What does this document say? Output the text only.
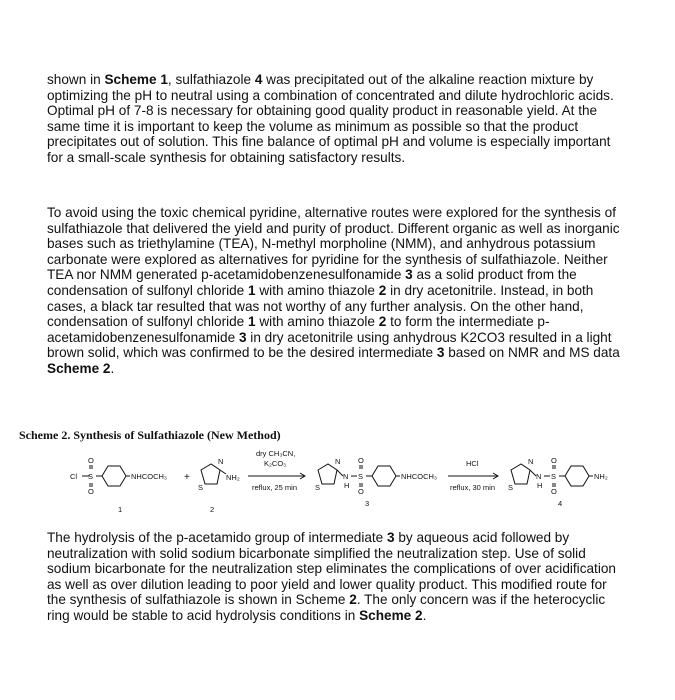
shown in Scheme 1, sulfathiazole 4 was precipitated out of the alkaline reaction mixture by optimizing the pH to neutral using a combination of concentrated and dilute hydrochloric acids. Optimal pH of 7-8 is necessary for obtaining good quality product in reasonable yield. At the same time it is important to keep the volume as minimum as possible so that the product precipitates out of solution. This fine balance of optimal pH and volume is especially important for a small-scale synthesis for obtaining satisfactory results.

To avoid using the toxic chemical pyridine, alternative routes were explored for the synthesis of sulfathiazole that delivered the yield and purity of product. Different organic as well as inorganic bases such as triethylamine (TEA), N-methyl morpholine (NMM), and anhydrous potassium carbonate were explored as alternatives for pyridine for the synthesis of sulfathiazole. Neither TEA nor NMM generated p-acetamidobenzenesulfonamide 3 as a solid product from the condensation of sulfonyl chloride 1 with amino thiazole 2 in dry acetonitrile. Instead, in both cases, a black tar resulted that was not worthy of any further analysis. On the other hand, condensation of sulfonyl chloride 1 with amino thiazole 2 to form the intermediate p-acetamidobenzenesulfonamide 3 in dry acetonitrile using anhydrous K2CO3 resulted in a light brown solid, which was confirmed to be the desired intermediate 3 based on NMR and MS data Scheme 2.

Scheme 2. Synthesis of Sulfathiazole (New Method)
Cl S
O
O
NHCOCH₃
1
+
N
S
NH₂
2
dry CH₃CN,
K₂CO₃
reflux, 25 min
N
S
N
H
S
O
O
NHCOCH₃
3
HCl
reflux, 30 min
N
S
N
H
S
O
O
NH₂
4

The hydrolysis of the p-acetamido group of intermediate 3 by aqueous acid followed by neutralization with solid sodium bicarbonate simplified the neutralization step. Use of solid sodium bicarbonate for the neutralization step eliminates the complications of over acidification as well as over dilution leading to poor yield and lower quality product. This modified route for the synthesis of sulfathiazole is shown in Scheme 2. The only concern was if the heterocyclic ring would be stable to acid hydrolysis conditions in Scheme 2.
